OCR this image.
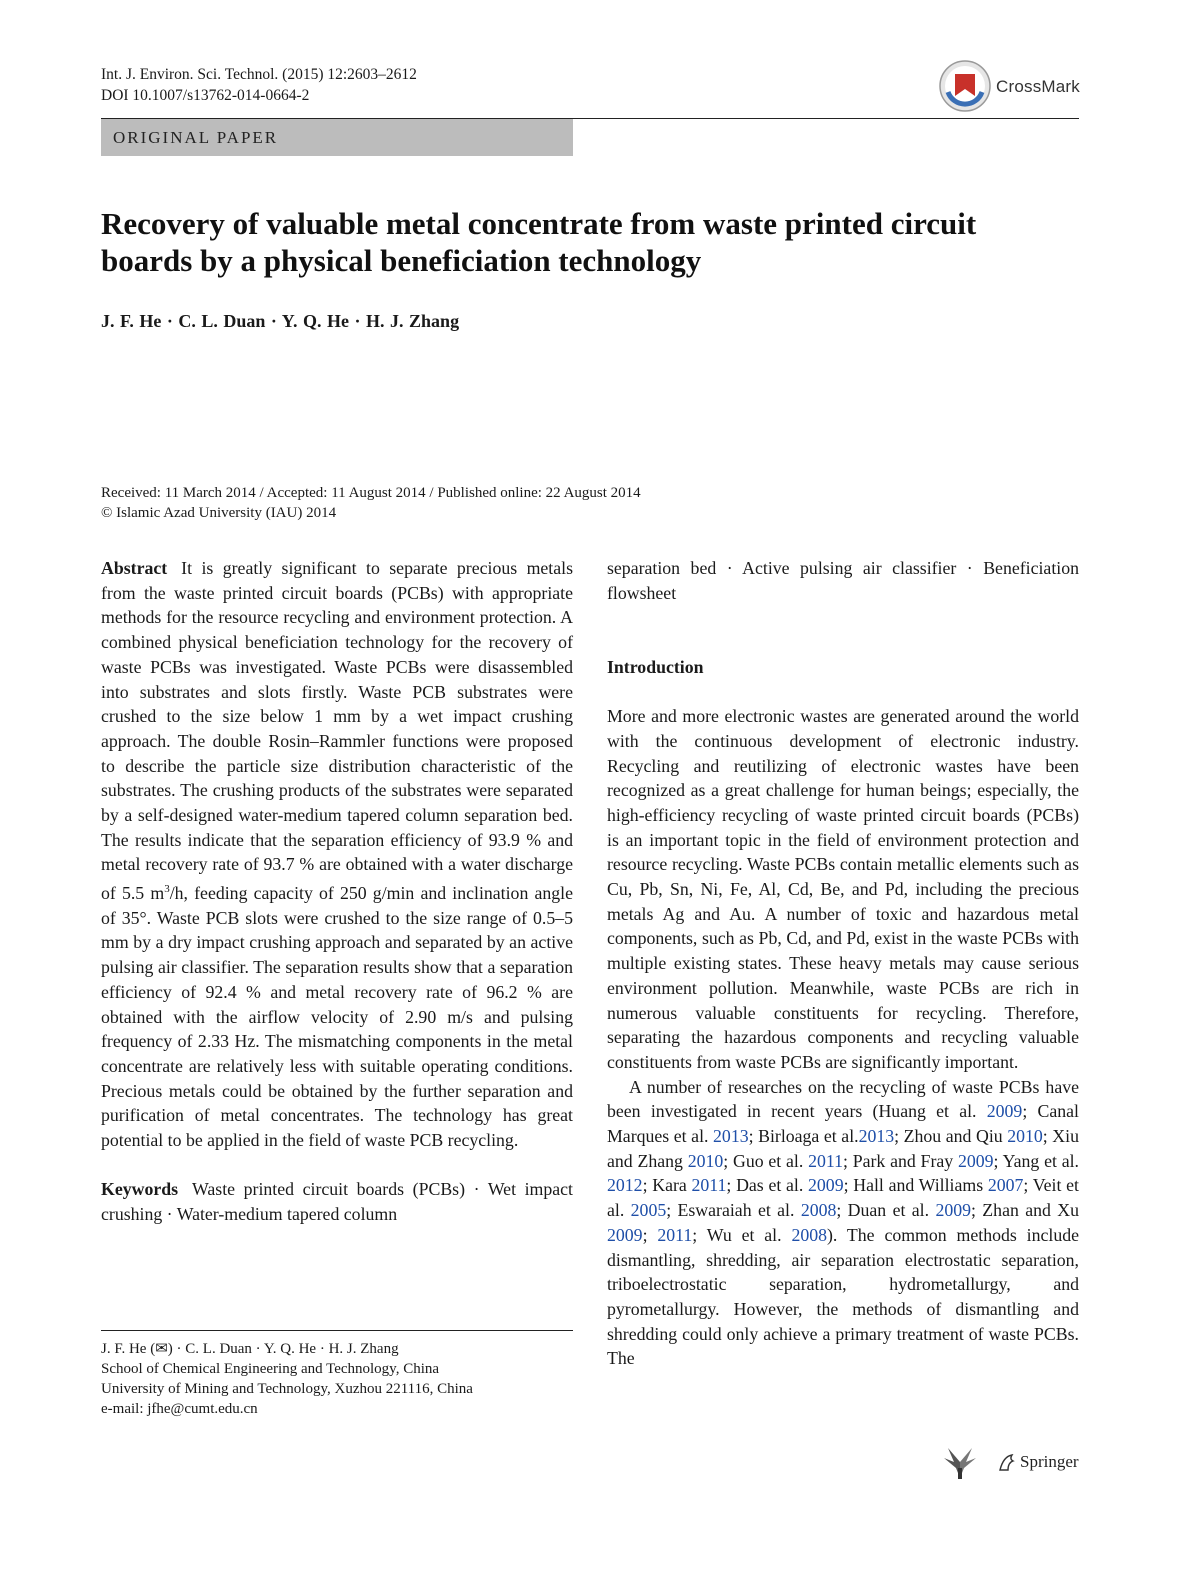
Int. J. Environ. Sci. Technol. (2015) 12:2603–2612
DOI 10.1007/s13762-014-0664-2	CrossMark
ORIGINAL PAPER
Recovery of valuable metal concentrate from waste printed circuit boards by a physical beneficiation technology
J. F. He · C. L. Duan · Y. Q. He · H. J. Zhang
Received: 11 March 2014 / Accepted: 11 August 2014 / Published online: 22 August 2014
© Islamic Azad University (IAU) 2014

Abstract It is greatly significant to separate precious metals from the waste printed circuit boards (PCBs) with appropriate methods for the resource recycling and environment protection. A combined physical beneficiation technology for the recovery of waste PCBs was investigated. Waste PCBs were disassembled into substrates and slots firstly. Waste PCB substrates were crushed to the size below 1 mm by a wet impact crushing approach. The double Rosin–Rammler functions were proposed to describe the particle size distribution characteristic of the substrates. The crushing products of the substrates were separated by a self-designed water-medium tapered column separation bed. The results indicate that the separation efficiency of 93.9 % and metal recovery rate of 93.7 % are obtained with a water discharge of 5.5 $m^3/h$, feeding capacity of 250 g/min and inclination angle of 35°. Waste PCB slots were crushed to the size range of 0.5–5 mm by a dry impact crushing approach and separated by an active pulsing air classifier. The separation results show that a separation efficiency of 92.4 % and metal recovery rate of 96.2 % are obtained with the airflow velocity of 2.90 m/s and pulsing frequency of 2.33 Hz. The mismatching components in the metal concentrate are relatively less with suitable operating conditions. Precious metals could be obtained by the further separation and purification of metal concentrates. The technology has great potential to be applied in the field of waste PCB recycling.

Keywords Waste printed circuit boards (PCBs) · Wet impact crushing · Water-medium tapered column

J. F. He (✉) · C. L. Duan · Y. Q. He · H. J. Zhang
School of Chemical Engineering and Technology, China
University of Mining and Technology, Xuzhou 221116, China
e-mail: jfhe@cumt.edu.cn

separation bed · Active pulsing air classifier · Beneficiation flowsheet

Introduction

More and more electronic wastes are generated around the world with the continuous development of electronic industry. Recycling and reutilizing of electronic wastes have been recognized as a great challenge for human beings; especially, the high-efficiency recycling of waste printed circuit boards (PCBs) is an important topic in the field of environment protection and resource recycling. Waste PCBs contain metallic elements such as Cu, Pb, Sn, Ni, Fe, Al, Cd, Be, and Pd, including the precious metals Ag and Au. A number of toxic and hazardous metal components, such as Pb, Cd, and Pd, exist in the waste PCBs with multiple existing states. These heavy metals may cause serious environment pollution. Meanwhile, waste PCBs are rich in numerous valuable constituents for recycling. Therefore, separating the hazardous components and recycling valuable constituents from waste PCBs are significantly important.

A number of researches on the recycling of waste PCBs have been investigated in recent years (Huang et al. 2009; Canal Marques et al. 2013; Birloaga et al.2013; Zhou and Qiu 2010; Xiu and Zhang 2010; Guo et al. 2011; Park and Fray 2009; Yang et al. 2012; Kara 2011; Das et al. 2009; Hall and Williams 2007; Veit et al. 2005; Eswaraiah et al. 2008; Duan et al. 2009; Zhan and Xu 2009; 2011; Wu et al. 2008). The common methods include dismantling, shredding, air separation electrostatic separation, triboelectrostatic separation, hydrometallurgy, and pyrometallurgy. However, the methods of dismantling and shredding could only achieve a primary treatment of waste PCBs. The

Springer
